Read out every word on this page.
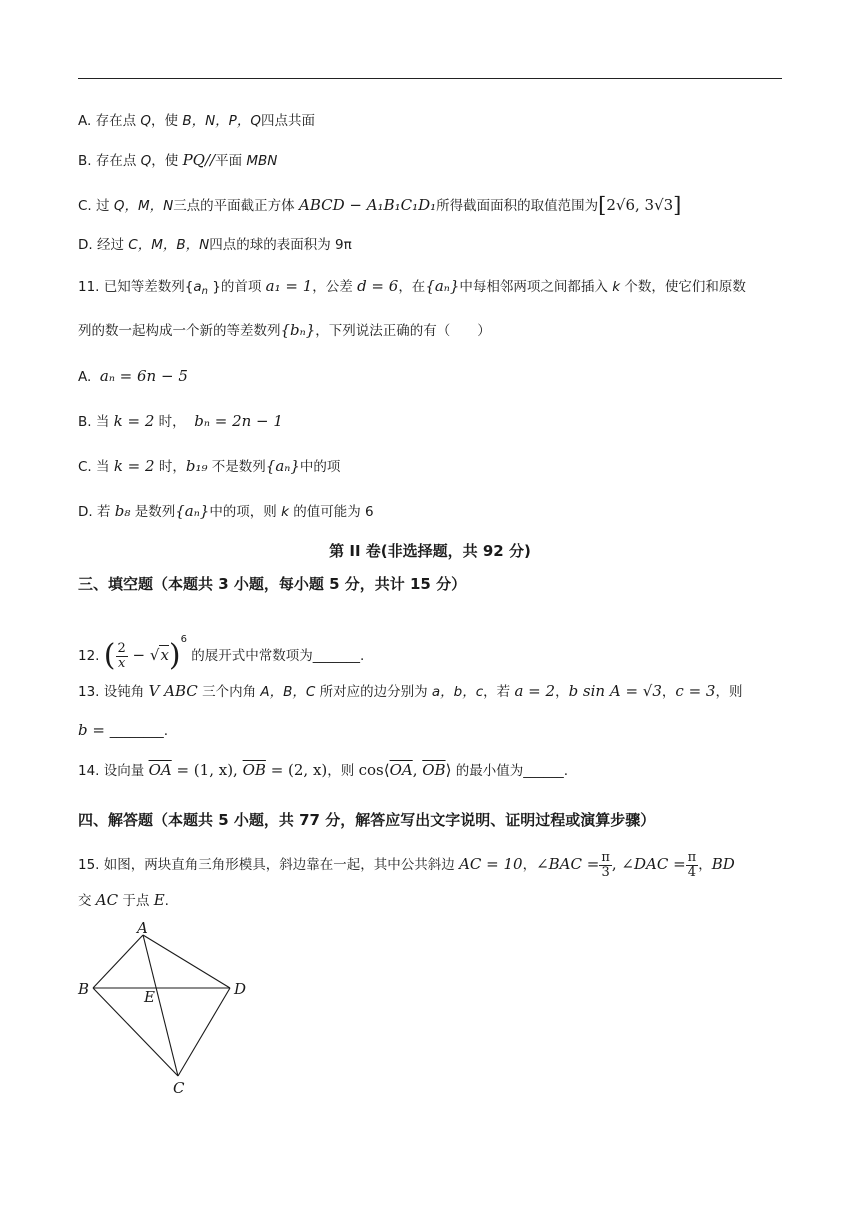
A. 存在点 Q，使 B，N，P，Q四点共面
B. 存在点 Q，使 PQ//平面 MBN
C. 过 Q，M，N三点的平面截正方体 ABCD − A₁B₁C₁D₁所得截面面积的取值范围为[2√6, 3√3]
D. 经过 C，M，B，N四点的球的表面积为 9π
11. 已知等差数列{$a_n$ }的首项 a₁ = 1，公差 d = 6，在{aₙ}中每相邻两项之间都插入 k 个数，使它们和原数
列的数一起构成一个新的等差数列{bₙ}，下列说法正确的有（　　）
A. aₙ = 6n − 5
B. 当 k = 2 时， bₙ = 2n − 1
C. 当 k = 2 时，b₁₉ 不是数列{aₙ}中的项
D. 若 b₈ 是数列{aₙ}中的项，则 k 的值可能为 6
第 II 卷(非选择题，共 92 分)
三、填空题（本题共 3 小题，每小题 5 分，共计 15 分）
12. ( $\frac{2}{x} - √x)^6$ 的展开式中常数项为_______.
13. 设钝角 V ABC 三个内角 A，B，C 所对应的边分别为 a，b，c，若 a = 2，b sin A = √3，c = 3，则
b = ________.
14. 设向量 $\overline{OA} = (1$, x), $\overline{OB} = (2$, x)，则 $\cos⟨\overline{OA}$, $\overline{OB}⟩$ 的最小值为______.
四、解答题（本题共 5 小题，共 77 分，解答应写出文字说明、证明过程或演算步骤）
15. 如图，两块直角三角形模具，斜边靠在一起，其中公共斜边 AC = 10，∠BAC = $\frac{\pi}{3}$ , ∠DAC = $\frac{\pi}{4}$ ，BD
交 AC 于点 E.
A
B
C
D
E
